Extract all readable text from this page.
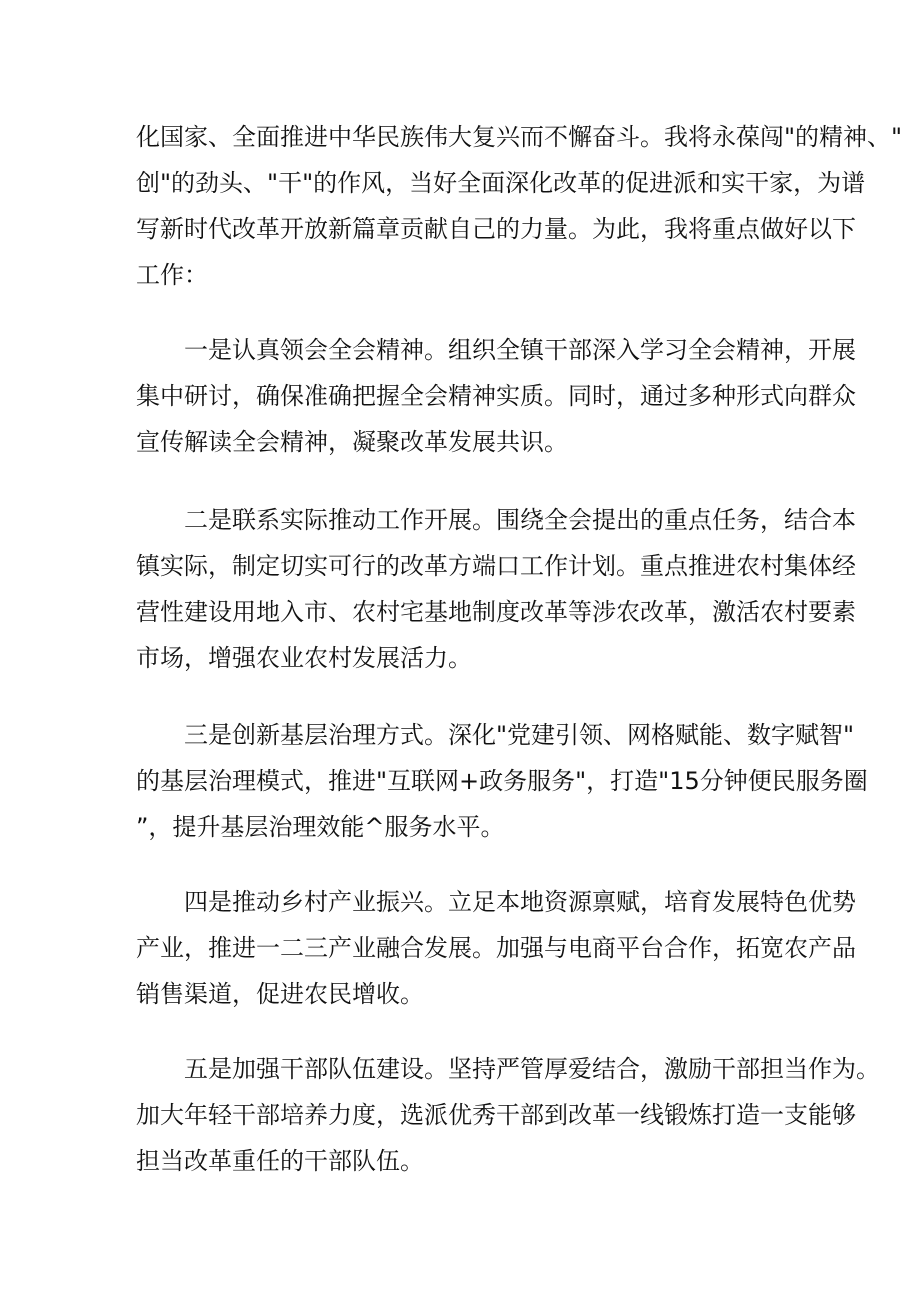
化国家、全面推进中华民族伟大复兴而不懈奋斗。我将永葆闯"的精神、"
创"的劲头、"干"的作风，当好全面深化改革的促进派和实干家，为谱
写新时代改革开放新篇章贡献自己的力量。为此，我将重点做好以下
工作：

一是认真领会全会精神。组织全镇干部深入学习全会精神，开展
集中研讨，确保准确把握全会精神实质。同时，通过多种形式向群众
宣传解读全会精神，凝聚改革发展共识。

二是联系实际推动工作开展。围绕全会提出的重点任务，结合本
镇实际，制定切实可行的改革方端口工作计划。重点推进农村集体经
营性建设用地入市、农村宅基地制度改革等涉农改革，激活农村要素
市场，增强农业农村发展活力。

三是创新基层治理方式。深化"党建引领、网格赋能、数字赋智"
的基层治理模式，推进"互联网+政务服务"，打造"15分钟便民服务圈
”，提升基层治理效能^服务水平。

四是推动乡村产业振兴。立足本地资源禀赋，培育发展特色优势
产业，推进一二三产业融合发展。加强与电商平台合作，拓宽农产品
销售渠道，促进农民增收。

五是加强干部队伍建设。坚持严管厚爱结合，激励干部担当作为。
加大年轻干部培养力度，选派优秀干部到改革一线锻炼打造一支能够
担当改革重任的干部队伍。
